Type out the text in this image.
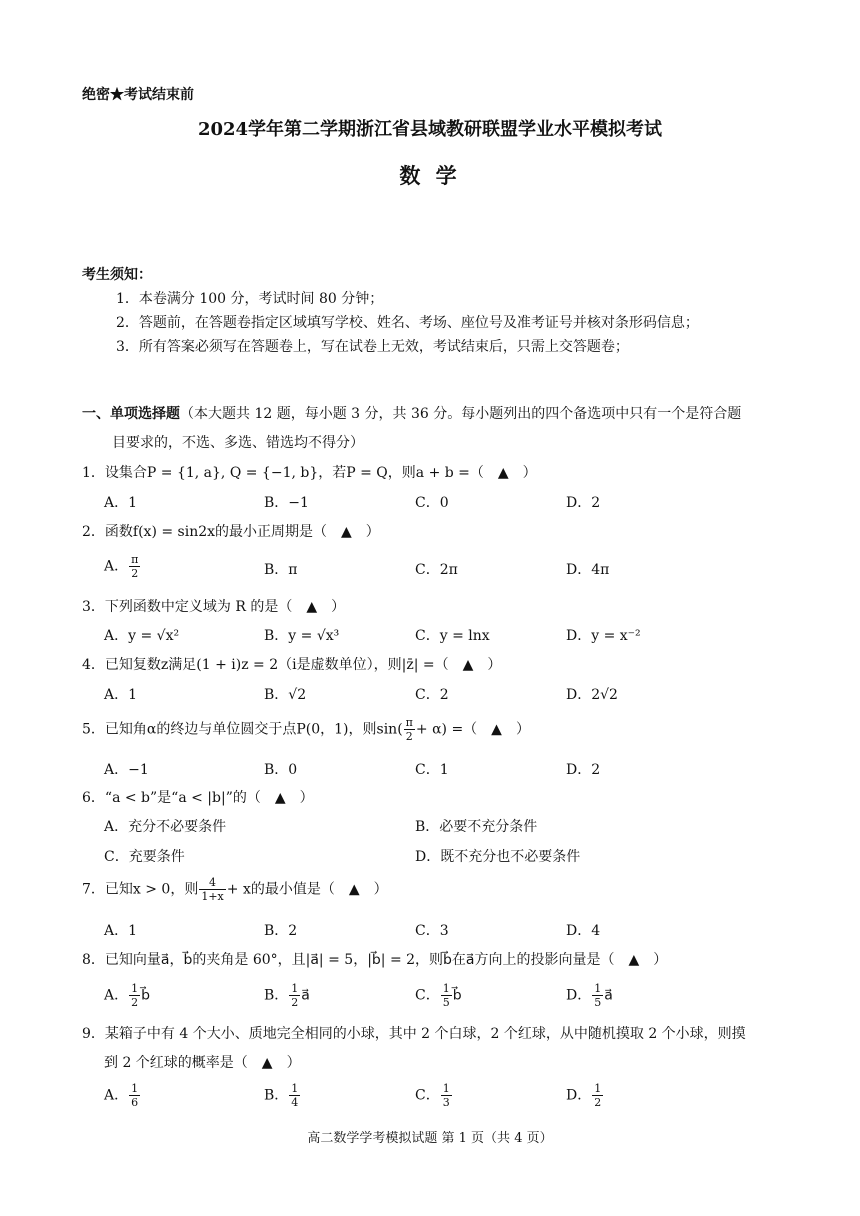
绝密★考试结束前
2024学年第二学期浙江省县域教研联盟学业水平模拟考试
数 学
考生须知：
1．本卷满分 100 分，考试时间 80 分钟；
2．答题前，在答题卷指定区域填写学校、姓名、考场、座位号及准考证号并核对条形码信息；
3．所有答案必须写在答题卷上，写在试卷上无效，考试结束后，只需上交答题卷；
一、单项选择题（本大题共 12 题，每小题 3 分，共 36 分。每小题列出的四个备选项中只有一个是符合题
目要求的，不选、多选、错选均不得分）
1．设集合P = {1, a}, Q = {−1, b}，若P = Q，则a + b =（　▲　）
A．1	B．−1	C．0	D．2
2．函数f(x) = sin2x的最小正周期是（　▲　）
A． $\frac{\pi}{2}$	B．π	C．2π	D．4π
3．下列函数中定义域为 R 的是（　▲　）
A．y = √x²	B．y = √x³	C．y = lnx	D．y = x⁻²
4．已知复数z满足(1 + i)z = 2（i是虚数单位），则|z̄| =（　▲　）
A．1	B．√2	C．2	D．2√2
5．已知角α的终边与单位圆交于点P(0，1)，则$\sin( \frac{\pi}{2} + \alpha)$ =（　▲　）
A．−1	B．0	C．1	D．2
6．“a < b”是“a < |b|”的（　▲　）
A．充分不必要条件	B．必要不充分条件
C．充要条件	D．既不充分也不必要条件
7．已知x > 0，则 $\frac{4}{1+x} + x$的最小值是（　▲　）
A．1	B．2	C．3	D．4
8．已知向量a⃗，b⃗的夹角是 60°，且|a⃗| = 5，|b⃗| = 2，则b⃗在a⃗方向上的投影向量是（　▲　）
A． $\frac{1}{2}$ b⃗	B． $\frac{1}{2}$ a⃗	C． $\frac{1}{5}$ b⃗	D． $\frac{1}{5}$ a⃗
9．某箱子中有 4 个大小、质地完全相同的小球，其中 2 个白球，2 个红球，从中随机摸取 2 个小球，则摸
到 2 个红球的概率是（　▲　）
A． $\frac{1}{6}$	B． $\frac{1}{4}$	C． $\frac{1}{3}$	D． $\frac{1}{2}$
高二数学学考模拟试题 第 1 页（共 4 页）
